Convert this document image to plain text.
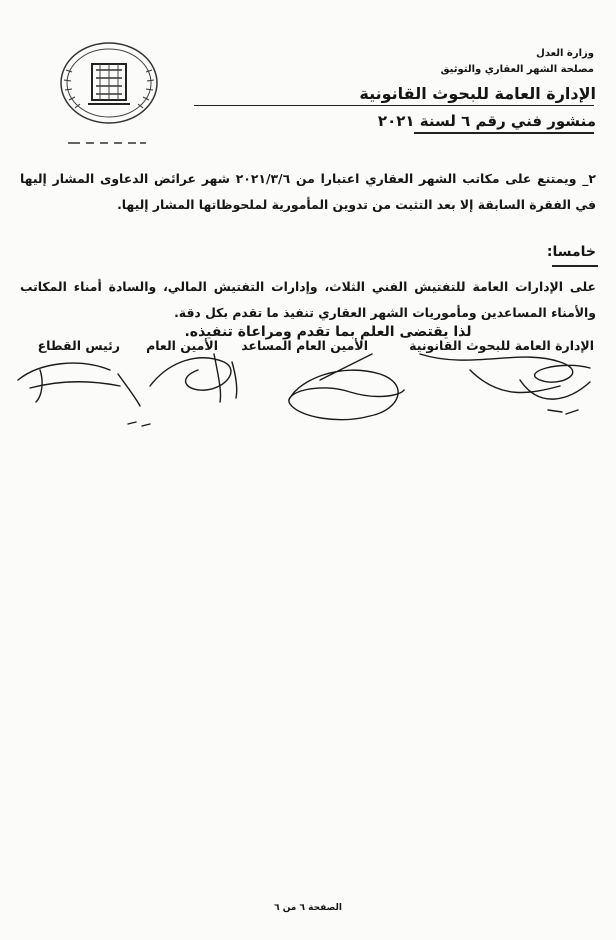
وزارة العدل
مصلحة الشهر العقاري والتوثيق
الإدارة العامة للبحوث القانونية
منشور فني رقم ٦ لسنة ٢٠٢١
٢_ ويمتنع على مكاتب الشهر العقاري اعتبارا من ٢٠٢١/٣/٦ شهر عرائض الدعاوى المشار إليها في الفقرة السابقة إلا بعد التثبت من تدوين المأمورية لملحوظاتها المشار إليها.
خامسا:
على الإدارات العامة للتفتيش الفني الثلاث، وإدارات التفتيش المالي، والسادة أمناء المكاتب والأمناء المساعدين ومأموريات الشهر العقاري تنفيذ ما تقدم بكل دقة.
لذا يقتضى العلم بما تقدم ومراعاة تنفيذه.
الإدارة العامة للبحوث القانونية
الأمين العام المساعد
الأمين العام
رئيس القطاع
الصفحة ٦ من ٦
